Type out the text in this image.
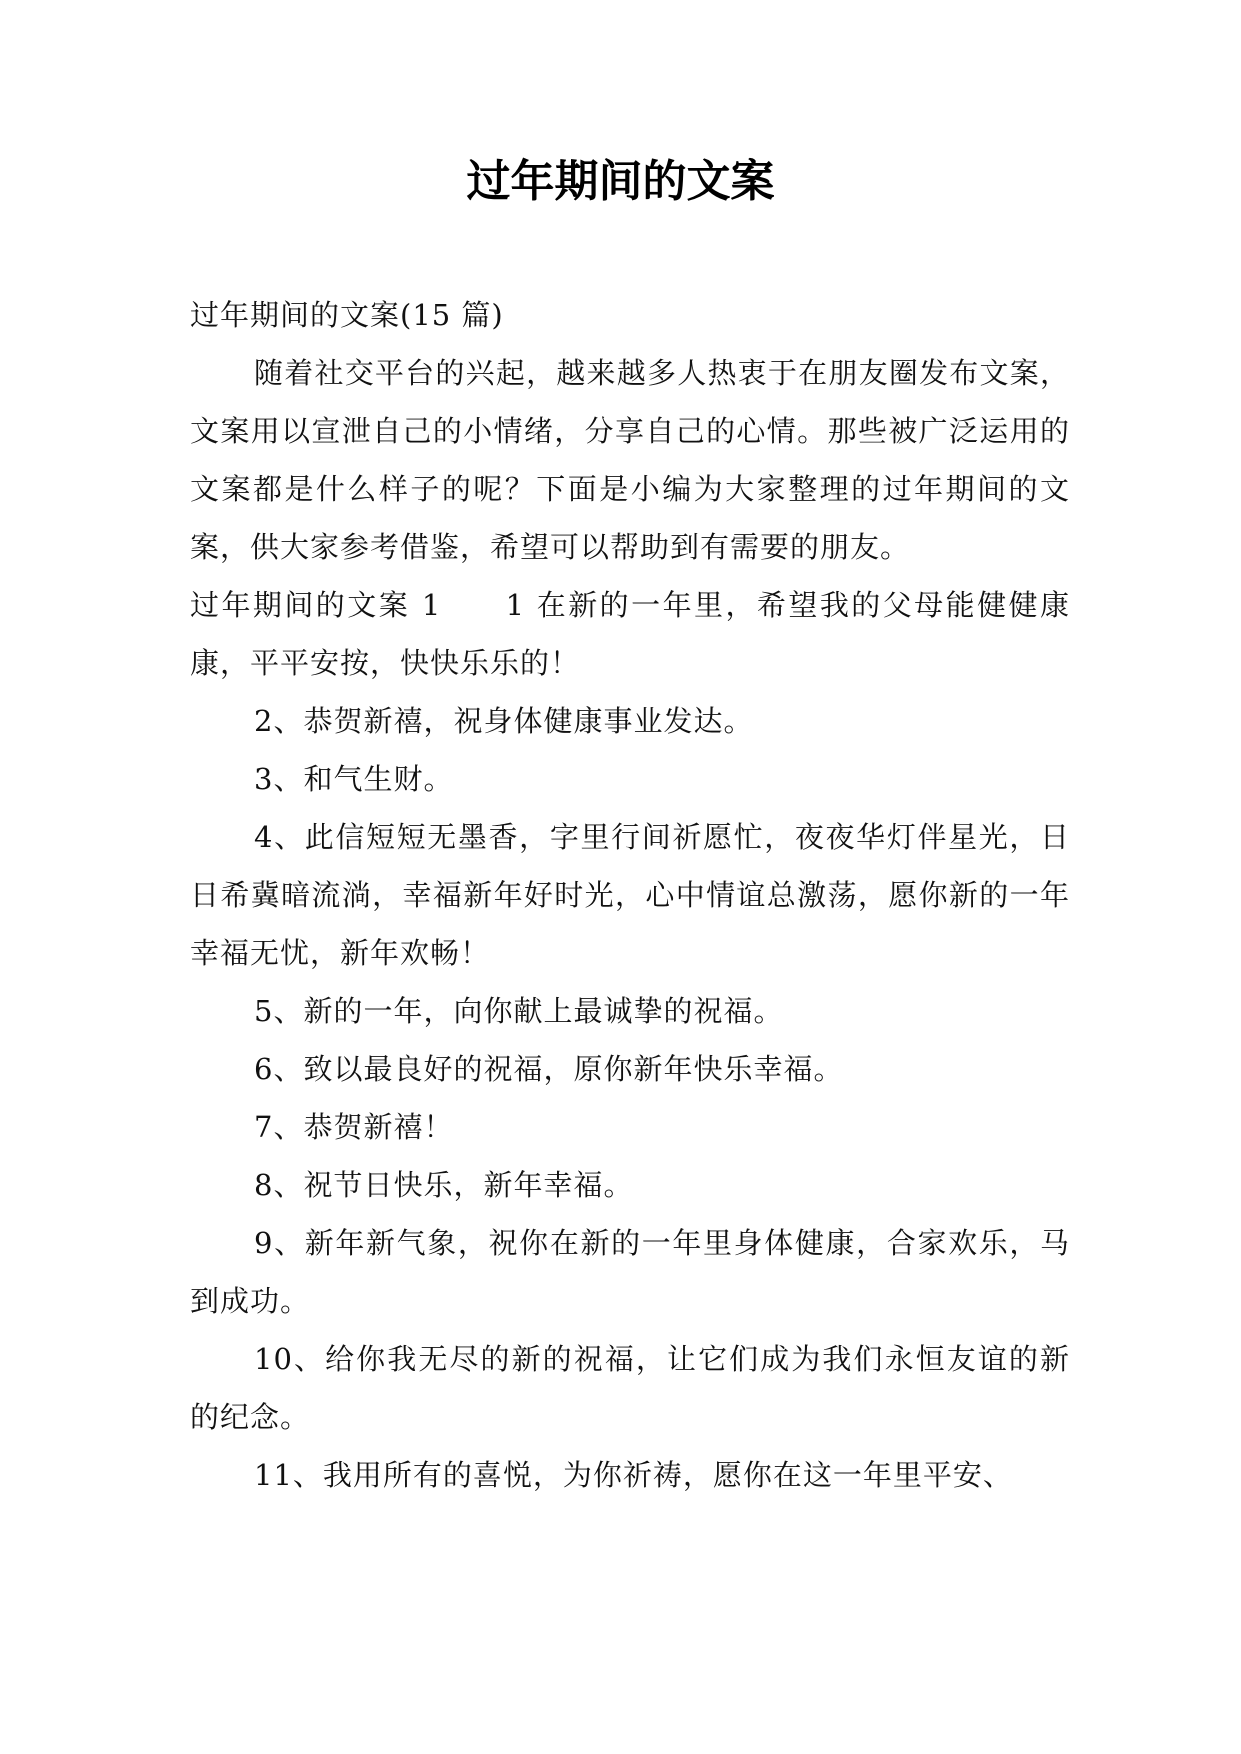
过年期间的文案

过年期间的文案(15 篇)

随着社交平台的兴起，越来越多人热衷于在朋友圈发布文案，文案用以宣泄自己的小情绪，分享自己的心情。那些被广泛运用的文案都是什么样子的呢？下面是小编为大家整理的过年期间的文案，供大家参考借鉴，希望可以帮助到有需要的朋友。

过年期间的文案 1　　1 在新的一年里，希望我的父母能健健康康，平平安按，快快乐乐的！

2、恭贺新禧，祝身体健康事业发达。

3、和气生财。

4、此信短短无墨香，字里行间祈愿忙，夜夜华灯伴星光，日日希冀暗流淌，幸福新年好时光，心中情谊总激荡，愿你新的一年幸福无忧，新年欢畅！

5、新的一年，向你献上最诚挚的祝福。

6、致以最良好的祝福，原你新年快乐幸福。

7、恭贺新禧！

8、祝节日快乐，新年幸福。

9、新年新气象，祝你在新的一年里身体健康，合家欢乐，马到成功。

10、给你我无尽的新的祝福，让它们成为我们永恒友谊的新的纪念。

11、我用所有的喜悦，为你祈祷，愿你在这一年里平安、
